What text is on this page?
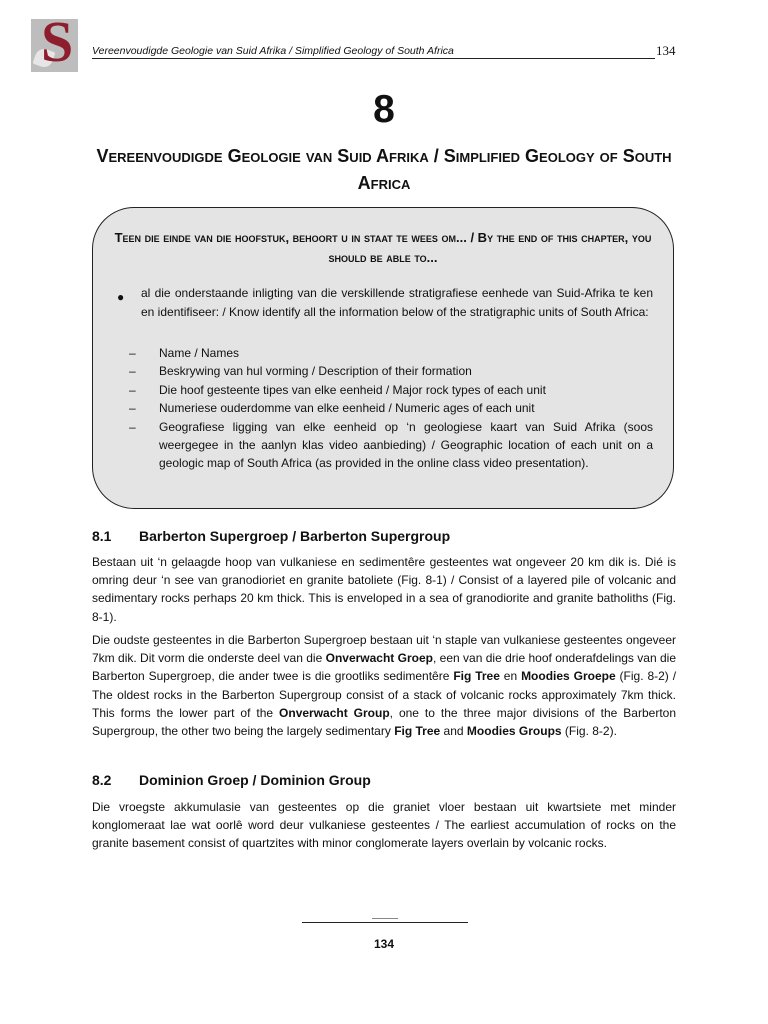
S Vereenvoudigde Geologie van Suid Afrika / Simplified Geology of South Africa	134
8
Vereenvoudigde Geologie van Suid Afrika / Simplified Geology of South Africa
Teen die einde van die hoofstuk, behoort u in staat te wees om... / By the end of this chapter, you should be able to...
● al die onderstaande inligting van die verskillende stratigrafiese eenhede van Suid-Afrika te ken en identifiseer: / Know identify all the information below of the stratigraphic units of South Africa:
– Name / Names
– Beskrywing van hul vorming / Description of their formation
– Die hoof gesteente tipes van elke eenheid / Major rock types of each unit
– Numeriese ouderdomme van elke eenheid / Numeric ages of each unit
– Geografiese ligging van elke eenheid op ‘n geologiese kaart van Suid Afrika (soos weergegee in the aanlyn klas video aanbieding) / Geographic location of each unit on a geologic map of South Africa (as provided in the online class video presentation).
8.1 Barberton Supergroep / Barberton Supergroup
Bestaan uit ‘n gelaagde hoop van vulkaniese en sedimentêre gesteentes wat ongeveer 20 km dik is. Dié is omring deur ‘n see van granodioriet en granite batoliete (Fig. 8-1) / Consist of a layered pile of volcanic and sedimentary rocks perhaps 20 km thick. This is enveloped in a sea of granodiorite and granite batholiths (Fig. 8-1).
Die oudste gesteentes in die Barberton Supergroep bestaan uit ‘n staple van vulkaniese gesteentes ongeveer 7km dik. Dit vorm die onderste deel van die Onverwacht Groep, een van die drie hoof onderafdelings van die Barberton Supergroep, die ander twee is die grootliks sedimentêre Fig Tree en Moodies Groepe (Fig. 8-2) / The oldest rocks in the Barberton Supergroup consist of a stack of volcanic rocks approximately 7km thick. This forms the lower part of the Onverwacht Group, one to the three major divisions of the Barberton Supergroup, the other two being the largely sedimentary Fig Tree and Moodies Groups (Fig. 8-2).
8.2 Dominion Groep / Dominion Group
Die vroegste akkumulasie van gesteentes op die graniet vloer bestaan uit kwartsiete met minder konglomeraat lae wat oorlê word deur vulkaniese gesteentes / The earliest accumulation of rocks on the granite basement consist of quartzites with minor conglomerate layers overlain by volcanic rocks.
134
